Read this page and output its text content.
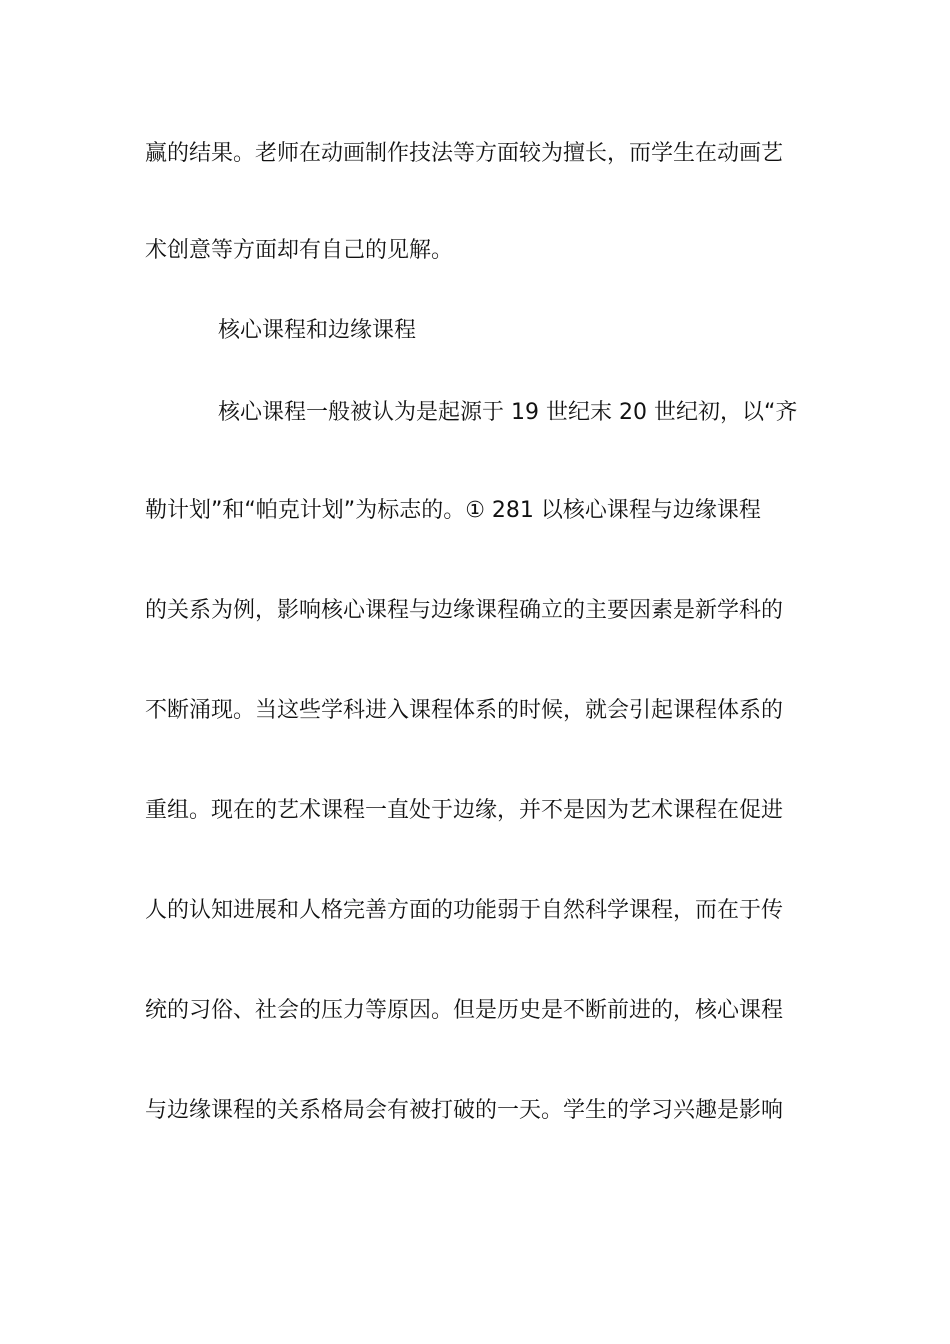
赢的结果。老师在动画制作技法等方面较为擅长，而学生在动画艺
术创意等方面却有自己的见解。
核心课程和边缘课程
核心课程一般被认为是起源于 19 世纪末 20 世纪初，以“齐
勒计划”和“帕克计划”为标志的。① 281 以核心课程与边缘课程
的关系为例，影响核心课程与边缘课程确立的主要因素是新学科的
不断涌现。当这些学科进入课程体系的时候，就会引起课程体系的
重组。现在的艺术课程一直处于边缘，并不是因为艺术课程在促进
人的认知进展和人格完善方面的功能弱于自然科学课程，而在于传
统的习俗、社会的压力等原因。但是历史是不断前进的，核心课程
与边缘课程的关系格局会有被打破的一天。学生的学习兴趣是影响
